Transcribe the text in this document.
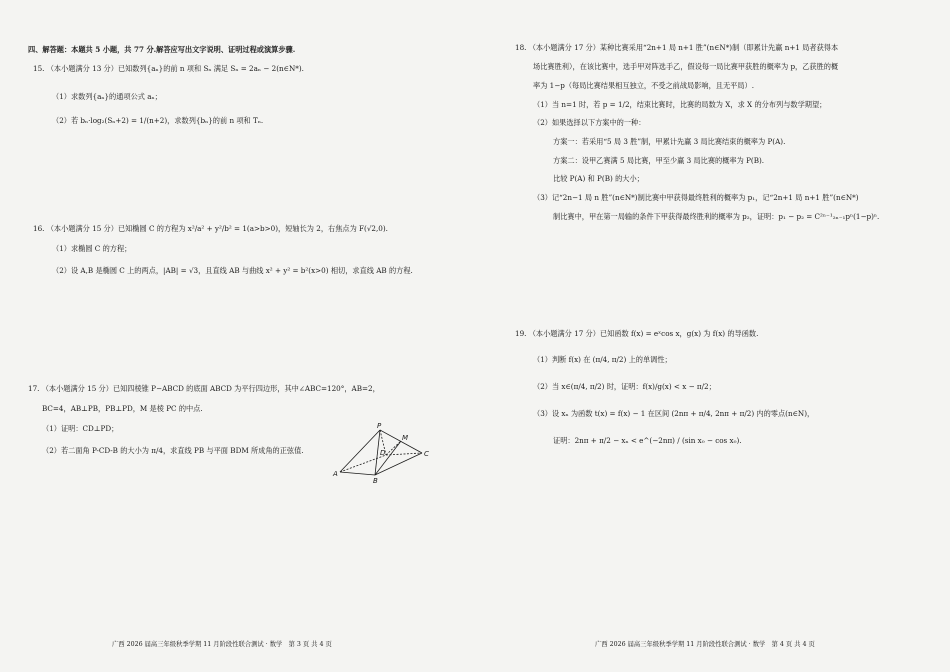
四、解答题：本题共 5 小题，共 77 分.解答应写出文字说明、证明过程或演算步骤.
15. （本小题满分 13 分）已知数列{aₙ}的前 n 项和 Sₙ 满足 Sₙ = 2aₙ − 2(n∈N*).
（1）求数列{aₙ}的通项公式 aₙ；
（2）若 bₙ·log₂(Sₙ+2) = 1/(n+2)，求数列{bₙ}的前 n 项和 Tₙ.
16. （本小题满分 15 分）已知椭圆 C 的方程为 x²/a² + y²/b² = 1(a>b>0)，短轴长为 2，右焦点为 F(√2,0).
（1）求椭圆 C 的方程；
（2）设 A,B 是椭圆 C 上的两点，|AB| = √3，且直线 AB 与曲线 x² + y² = b²(x>0) 相切，求直线 AB 的方程.
17. （本小题满分 15 分）已知四棱锥 P−ABCD 的底面 ABCD 为平行四边形，其中∠ABC=120°，AB=2，
BC=4，AB⊥PB，PB⊥PD，M 是棱 PC 的中点.
（1）证明：CD⊥PD；
（2）若二面角 P-CD-B 的大小为 π/4，求直线 PB 与平面 BDM 所成角的正弦值.
P
M
D	C
A
B
广西 2026 届高三年级秋季学期 11 月阶段性联合测试 · 数学　第 3 页 共 4 页
18. （本小题满分 17 分）某种比赛采用“2n+1 局 n+1 胜”(n∈N*)制（即累计先赢 n+1 局者获得本
场比赛胜利），在该比赛中，选手甲对阵选手乙，假设每一局比赛甲获胜的概率为 p，乙获胜的概
率为 1−p（每局比赛结果相互独立，不受之前战局影响，且无平局）.
（1）当 n=1 时，若 p = 1/2，结束比赛时，比赛的局数为 X，求 X 的分布列与数学期望；
（2）如果选择以下方案中的一种：
方案一：若采用“5 局 3 胜”制，甲累计先赢 3 局比赛结束的概率为 P(A).
方案二：设甲乙赛满 5 局比赛，甲至少赢 3 局比赛的概率为 P(B).
比较 P(A) 和 P(B) 的大小；
（3）记“2n−1 局 n 胜”(n∈N*)制比赛中甲获得最终胜利的概率为 p₁，记“2n+1 局 n+1 胜”(n∈N*)
制比赛中，甲在第一局输的条件下甲获得最终胜利的概率为 p₂，证明：p₁ − p₂ = C²ⁿ⁻¹₂ₙ₋₁pⁿ(1−p)ⁿ.
19. （本小题满分 17 分）已知函数 f(x) = eˣcos x，g(x) 为 f(x) 的导函数.
（1）判断 f(x) 在 (π/4, π/2) 上的单调性；
（2）当 x∈(π/4, π/2) 时，证明：f(x)/g(x) < x − π/2；
（3）设 xₙ 为函数 t(x) = f(x) − 1 在区间 (2nπ + π/4, 2nπ + π/2) 内的零点(n∈N)，
证明：2nπ + π/2 − xₙ < e^(−2nπ) / (sin x₀ − cos x₀).
广西 2026 届高三年级秋季学期 11 月阶段性联合测试 · 数学　第 4 页 共 4 页
